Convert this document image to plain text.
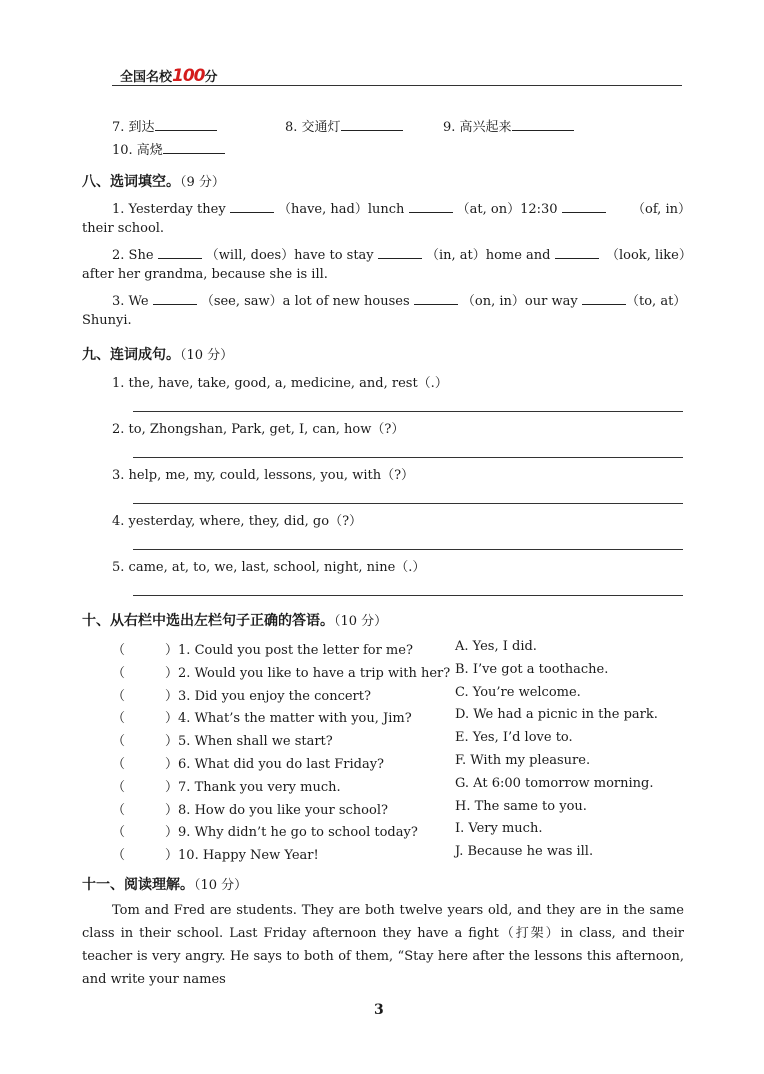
全国名校100分
7. 到达	8. 交通灯	9. 高兴起来
10. 高烧
八、选词填空。（9 分）
1. Yesterday they	（have, had）lunch	（at, on）12:30	（of, in）
their school.
2. She	（will, does）have to stay	（in, at）home and	（look, like）
after her grandma, because she is ill.
3. We	（see, saw）a lot of new houses	（on, in）our way	（to, at）
Shunyi.
九、连词成句。（10 分）
1. the, have, take, good, a, medicine, and, rest（.）
2. to, Zhongshan, Park, get, I, can, how（?）
3. help, me, my, could, lessons, you, with（?）
4. yesterday, where, they, did, go（?）
5. came, at, to, we, last, school, night, nine（.）
十、从右栏中选出左栏句子正确的答语。（10 分）
（	）1. Could you post the letter for me?	A. Yes, I did.
（	）2. Would you like to have a trip with her? B. I’ve got a toothache.
（	）3. Did you enjoy the concert?	C. You’re welcome.
（	）4. What’s the matter with you, Jim?	D. We had a picnic in the park.
（	）5. When shall we start?	E. Yes, I’d love to.
（	）6. What did you do last Friday?	F. With my pleasure.
（	）7. Thank you very much.	G. At 6:00 tomorrow morning.
（	）8. How do you like your school?	H. The same to you.
（	）9. Why didn’t he go to school today?	I. Very much.
（	）10. Happy New Year!	J. Because he was ill.
十一、阅读理解。（10 分）
Tom and Fred are students. They are both twelve years old, and they are in the same class in their school. Last Friday afternoon they have a fight（打架）in class, and their teacher is very angry. He says to both of them, “Stay here after the lessons this afternoon, and write your names
3
